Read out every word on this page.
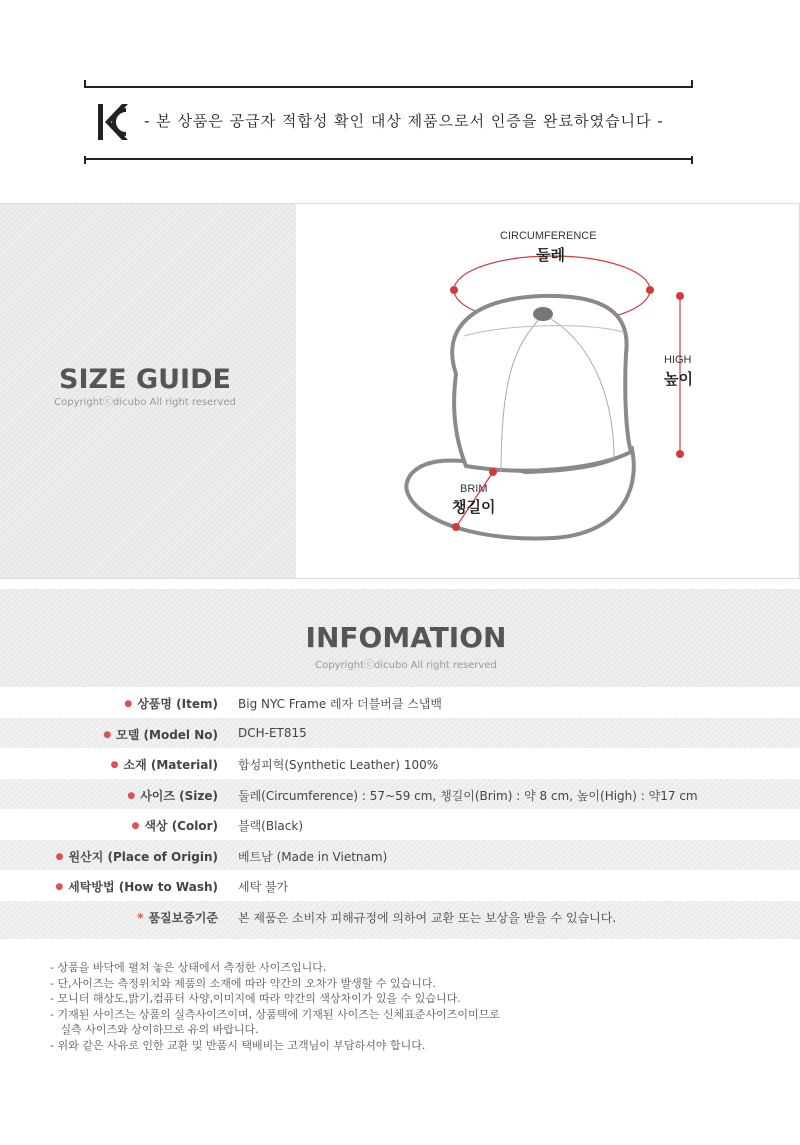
- 본 상품은 공급자 적합성 확인 대상 제품으로서 인증을 완료하였습니다 -
SIZE GUIDE
Copyrightⓒdicubo All right reserved
CIRCUMFERENCE
둘레
HIGH
높이
BRIM
챙길이
INFOMATION
Copyrightⓒdicubo All right reserved
● 상품명 (Item) Big NYC Frame 레자 더블버클 스냅백
● 모델 (Model No) DCH-ET815
● 소재 (Material) 합성피혁(Synthetic Leather) 100%
● 사이즈 (Size) 둘레(Circumference) : 57~59 cm, 챙길이(Brim) : 약 8 cm, 높이(High) : 약17 cm
● 색상 (Color) 블랙(Black)
● 원산지 (Place of Origin) 베트남 (Made in Vietnam)
● 세탁방법 (How to Wash) 세탁 불가
* 품질보증기준 본 제품은 소비자 피해규정에 의하여 교환 또는 보상을 받을 수 있습니다.
- 상품을 바닥에 펼쳐 놓은 상태에서 측정한 사이즈입니다.
- 단,사이즈는 측정위치와 제품의 소재에 따라 약간의 오차가 발생할 수 있습니다.
- 모니터 해상도,밝기,컴퓨터 사양,이미지에 따라 약간의 색상차이가 있을 수 있습니다.
- 기재된 사이즈는 상품의 실측사이즈이며, 상품택에 기재된 사이즈는 신체표준사이즈이미므로
실측 사이즈와 상이하므로 유의 바랍니다.
- 위와 같은 사유로 인한 교환 및 반품시 택배비는 고객님이 부담하셔야 합니다.
